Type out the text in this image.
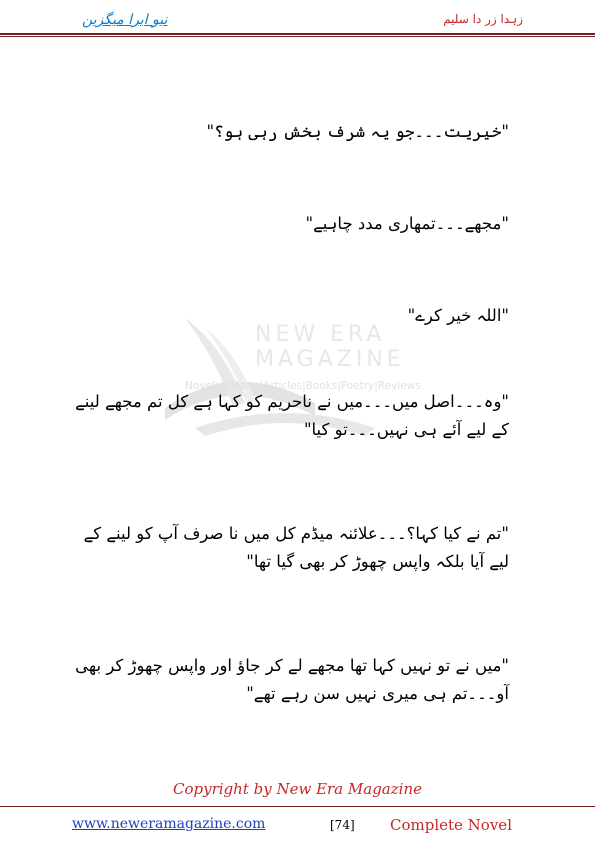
نیو ایرا میگزین	زہدا زر دا سلیم
NEW ERA MAGAZINE
Novels|Afsana|Articles|Books|Poetry|Reviews
"خیریت۔۔۔جو یہ شرف بخش رہی ہو؟"
"مجھے۔۔۔تمھاری مدد چاہیے"
"اللہ خیر کرے"
"وہ۔۔۔اصل میں۔۔۔میں نے ناحریم کو کہا ہے کل تم مجھے لینے کے لیے آئے ہی نہیں۔۔۔تو کیا"
"تم نے کیا کہا؟۔۔۔علائنہ میڈم کل میں نا صرف آپ کو لینے کے لیے آیا بلکہ واپس چھوڑ کر بھی گیا تھا"
"میں نے تو نہیں کہا تھا مجھے لے کر جاؤ اور واپس چھوڑ کر بھی آو۔۔۔تم ہی میری نہیں سن رہے تھے"
Copyright by New Era Magazine
www.neweramagazine.com	[74] Complete Novel
